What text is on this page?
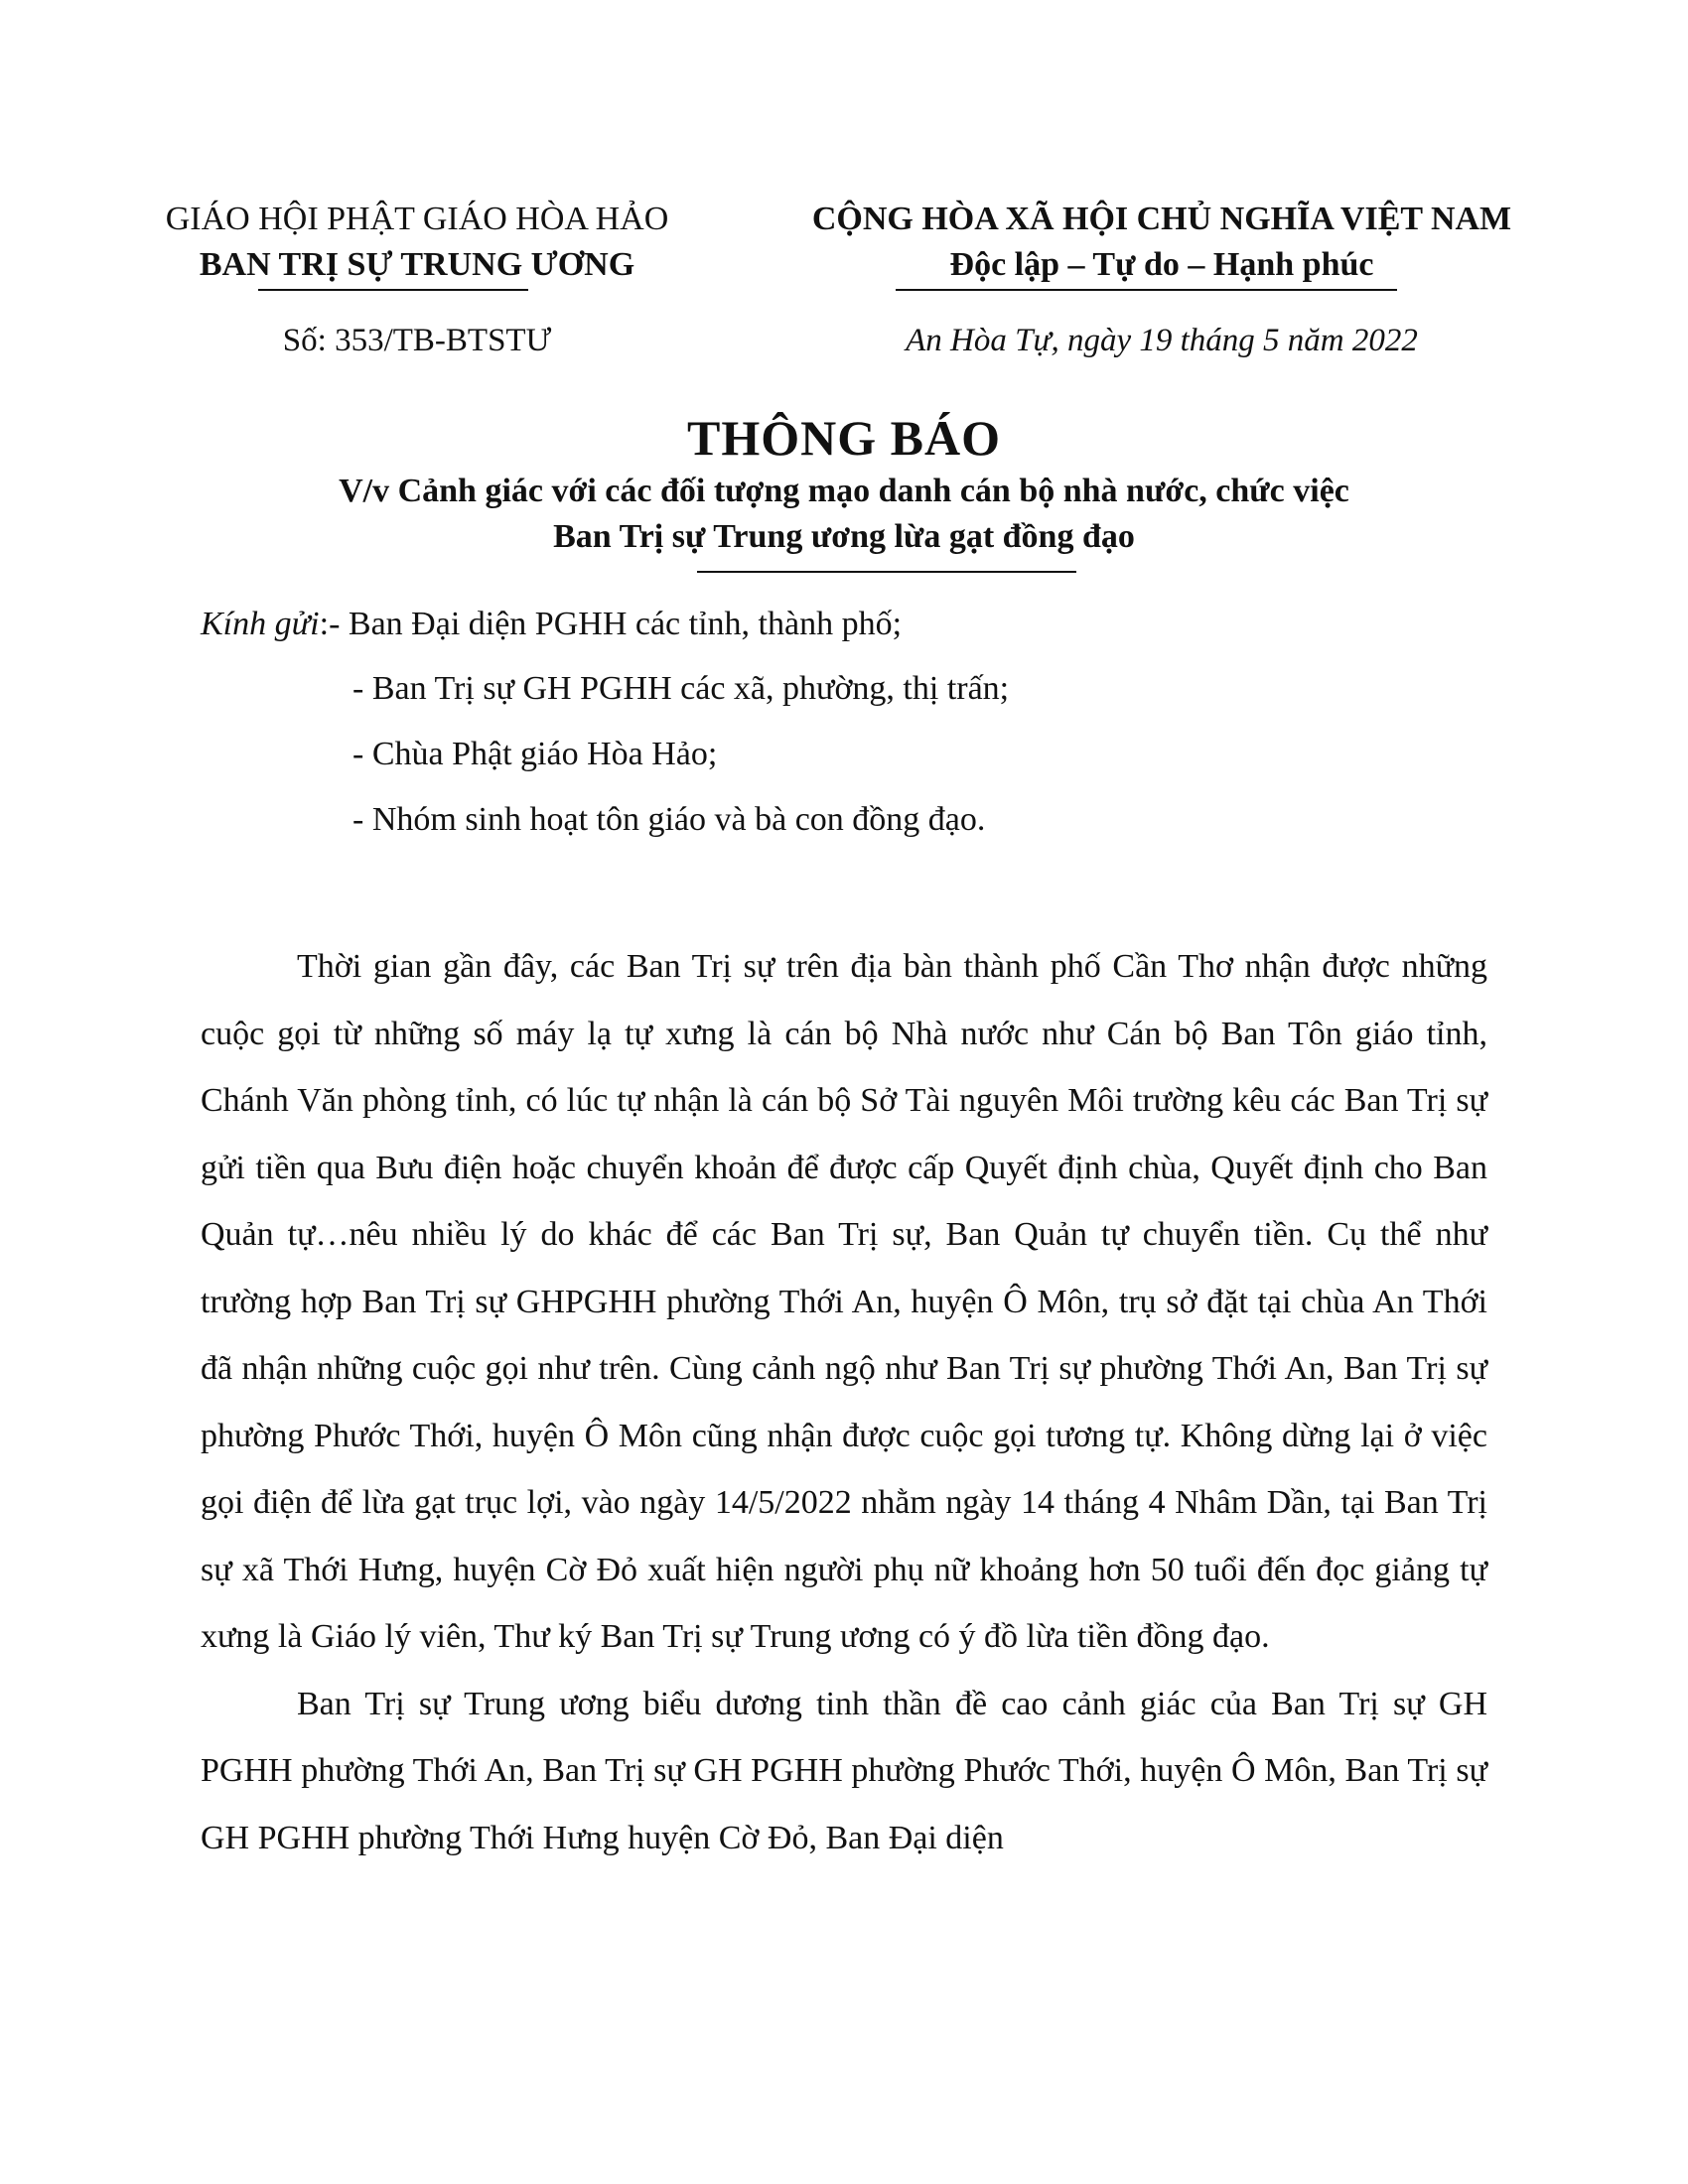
GIÁO HỘI PHẬT GIÁO HÒA HẢO
BAN TRỊ SỰ TRUNG ƯƠNG
Số: 353/TB-BTSTƯ
CỘNG HÒA XÃ HỘI CHỦ NGHĨA VIỆT NAM
Độc lập – Tự do – Hạnh phúc
An Hòa Tự, ngày 19 tháng 5 năm 2022
THÔNG BÁO
V/v Cảnh giác với các đối tượng mạo danh cán bộ nhà nước, chức việc
Ban Trị sự Trung ương lừa gạt đồng đạo
Kính gửi:- Ban Đại diện PGHH các tỉnh, thành phố;
- Ban Trị sự GH PGHH các xã, phường, thị trấn;
- Chùa Phật giáo Hòa Hảo;
- Nhóm sinh hoạt tôn giáo và bà con đồng đạo.

Thời gian gần đây, các Ban Trị sự trên địa bàn thành phố Cần Thơ nhận được những cuộc gọi từ những số máy lạ tự xưng là cán bộ Nhà nước như Cán bộ Ban Tôn giáo tỉnh, Chánh Văn phòng tỉnh, có lúc tự nhận là cán bộ Sở Tài nguyên Môi trường kêu các Ban Trị sự gửi tiền qua Bưu điện hoặc chuyển khoản để được cấp Quyết định chùa, Quyết định cho Ban Quản tự…nêu nhiều lý do khác để các Ban Trị sự, Ban Quản tự chuyển tiền. Cụ thể như trường hợp Ban Trị sự GHPGHH phường Thới An, huyện Ô Môn, trụ sở đặt tại chùa An Thới đã nhận những cuộc gọi như trên. Cùng cảnh ngộ như Ban Trị sự phường Thới An, Ban Trị sự phường Phước Thới, huyện Ô Môn cũng nhận được cuộc gọi tương tự. Không dừng lại ở việc gọi điện để lừa gạt trục lợi, vào ngày 14/5/2022 nhằm ngày 14 tháng 4 Nhâm Dần, tại Ban Trị sự xã Thới Hưng, huyện Cờ Đỏ xuất hiện người phụ nữ khoảng hơn 50 tuổi đến đọc giảng tự xưng là Giáo lý viên, Thư ký Ban Trị sự Trung ương có ý đồ lừa tiền đồng đạo.

Ban Trị sự Trung ương biểu dương tinh thần đề cao cảnh giác của Ban Trị sự GH PGHH phường Thới An, Ban Trị sự GH PGHH phường Phước Thới, huyện Ô Môn, Ban Trị sự GH PGHH phường Thới Hưng huyện Cờ Đỏ, Ban Đại diện
